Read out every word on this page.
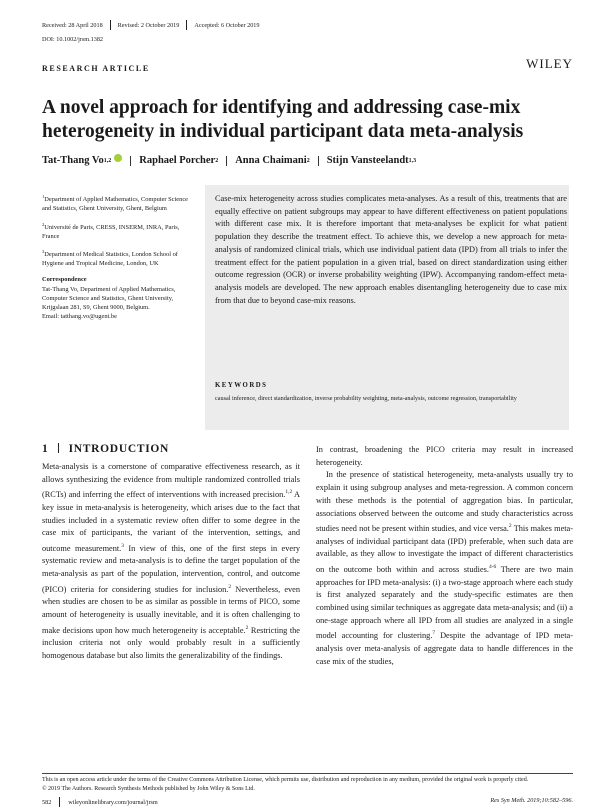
Received: 28 April 2018 Revised: 2 October 2019 Accepted: 6 October 2019
DOI: 10.1002/jrsm.1382
RESEARCH ARTICLE	WILEY
A novel approach for identifying and addressing case-mix heterogeneity in individual participant data meta-analysis
Tat-Thang Vo 1,2	Raphael Porcher 2 Anna Chaimani 2 Stijn Vansteelandt 1,3

$^1$Department of Applied Mathematics, Computer Science and Statistics, Ghent University, Ghent, Belgium

$^2$Université de Paris, CRESS, INSERM, INRA, Paris, France

$^3$Department of Medical Statistics, London School of Hygiene and Tropical Medicine, London, UK

Correspondence

Tat-Thang Vo, Department of Applied Mathematics, Computer Science and Statistics, Ghent University, Krijgslaan 281, S9, Ghent 9000, Belgium.

Email: tatthang.vo@ugent.be

Case-mix heterogeneity across studies complicates meta-analyses. As a result of this, treatments that are equally effective on patient subgroups may appear to have different effectiveness on patient populations with different case mix. It is therefore important that meta-analyses be explicit for what patient population they describe the treatment effect. To achieve this, we develop a new approach for meta-analysis of randomized clinical trials, which use individual patient data (IPD) from all trials to infer the treatment effect for the patient population in a given trial, based on direct standardization using either outcome regression (OCR) or inverse probability weighting (IPW). Accompanying random-effect meta-analysis models are developed. The new approach enables disentangling heterogeneity due to case mix from that due to beyond case-mix reasons.

KEYWORDS

causal inference, direct standardization, inverse probability weighting, meta-analysis, outcome regression, transportability

1 INTRODUCTION

Meta-analysis is a cornerstone of comparative effectiveness research, as it allows synthesizing the evidence from multiple randomized controlled trials (RCTs) and inferring the effect of interventions with increased precision.$^{1,2}$ A key issue in meta-analysis is heterogeneity, which arises due to the fact that studies included in a systematic review often differ to some degree in the case mix of participants, the variant of the intervention, settings, and outcome measurement.$^3$ In view of this, one of the first steps in every systematic review and meta-analysis is to define the target population of the meta-analysis as part of the population, intervention, control, and outcome (PICO) criteria for considering studies for inclusion.$^2$ Nevertheless, even when studies are chosen to be as similar as possible in terms of PICO, some amount of heterogeneity is usually inevitable, and it is often challenging to make decisions upon how much heterogeneity is acceptable.$^2$ Restricting the inclusion criteria not only would probably result in a sufficiently homogenous database but also limits the generalizability of the findings.

In contrast, broadening the PICO criteria may result in increased heterogeneity.

In the presence of statistical heterogeneity, meta-analysts usually try to explain it using subgroup analyses and meta-regression. A common concern with these methods is the potential of aggregation bias. In particular, associations observed between the outcome and study characteristics across studies need not be present within studies, and vice versa.$^2$ This makes meta-analyses of individual participant data (IPD) preferable, when such data are available, as they allow to investigate the impact of different characteristics on the outcome both within and across studies.$^{4-6}$ There are two main approaches for IPD meta-analysis: (i) a two-stage approach where each study is first analyzed separately and the study-specific estimates are then combined using similar techniques as aggregate data meta-analysis; and (ii) a one-stage approach where all IPD from all studies are analyzed in a single model accounting for clustering.$^7$ Despite the advantage of IPD meta-analysis over meta-analysis of aggregate data to handle differences in the case mix of the studies,

This is an open access article under the terms of the Creative Commons Attribution License, which permits use, distribution and reproduction in any medium, provided the original work is properly cited.
© 2019 The Authors. Research Synthesis Methods published by John Wiley & Sons Ltd.
582	wileyonlinelibrary.com/journal/jrsm	Res Syn Meth. 2019;10:582–596.
